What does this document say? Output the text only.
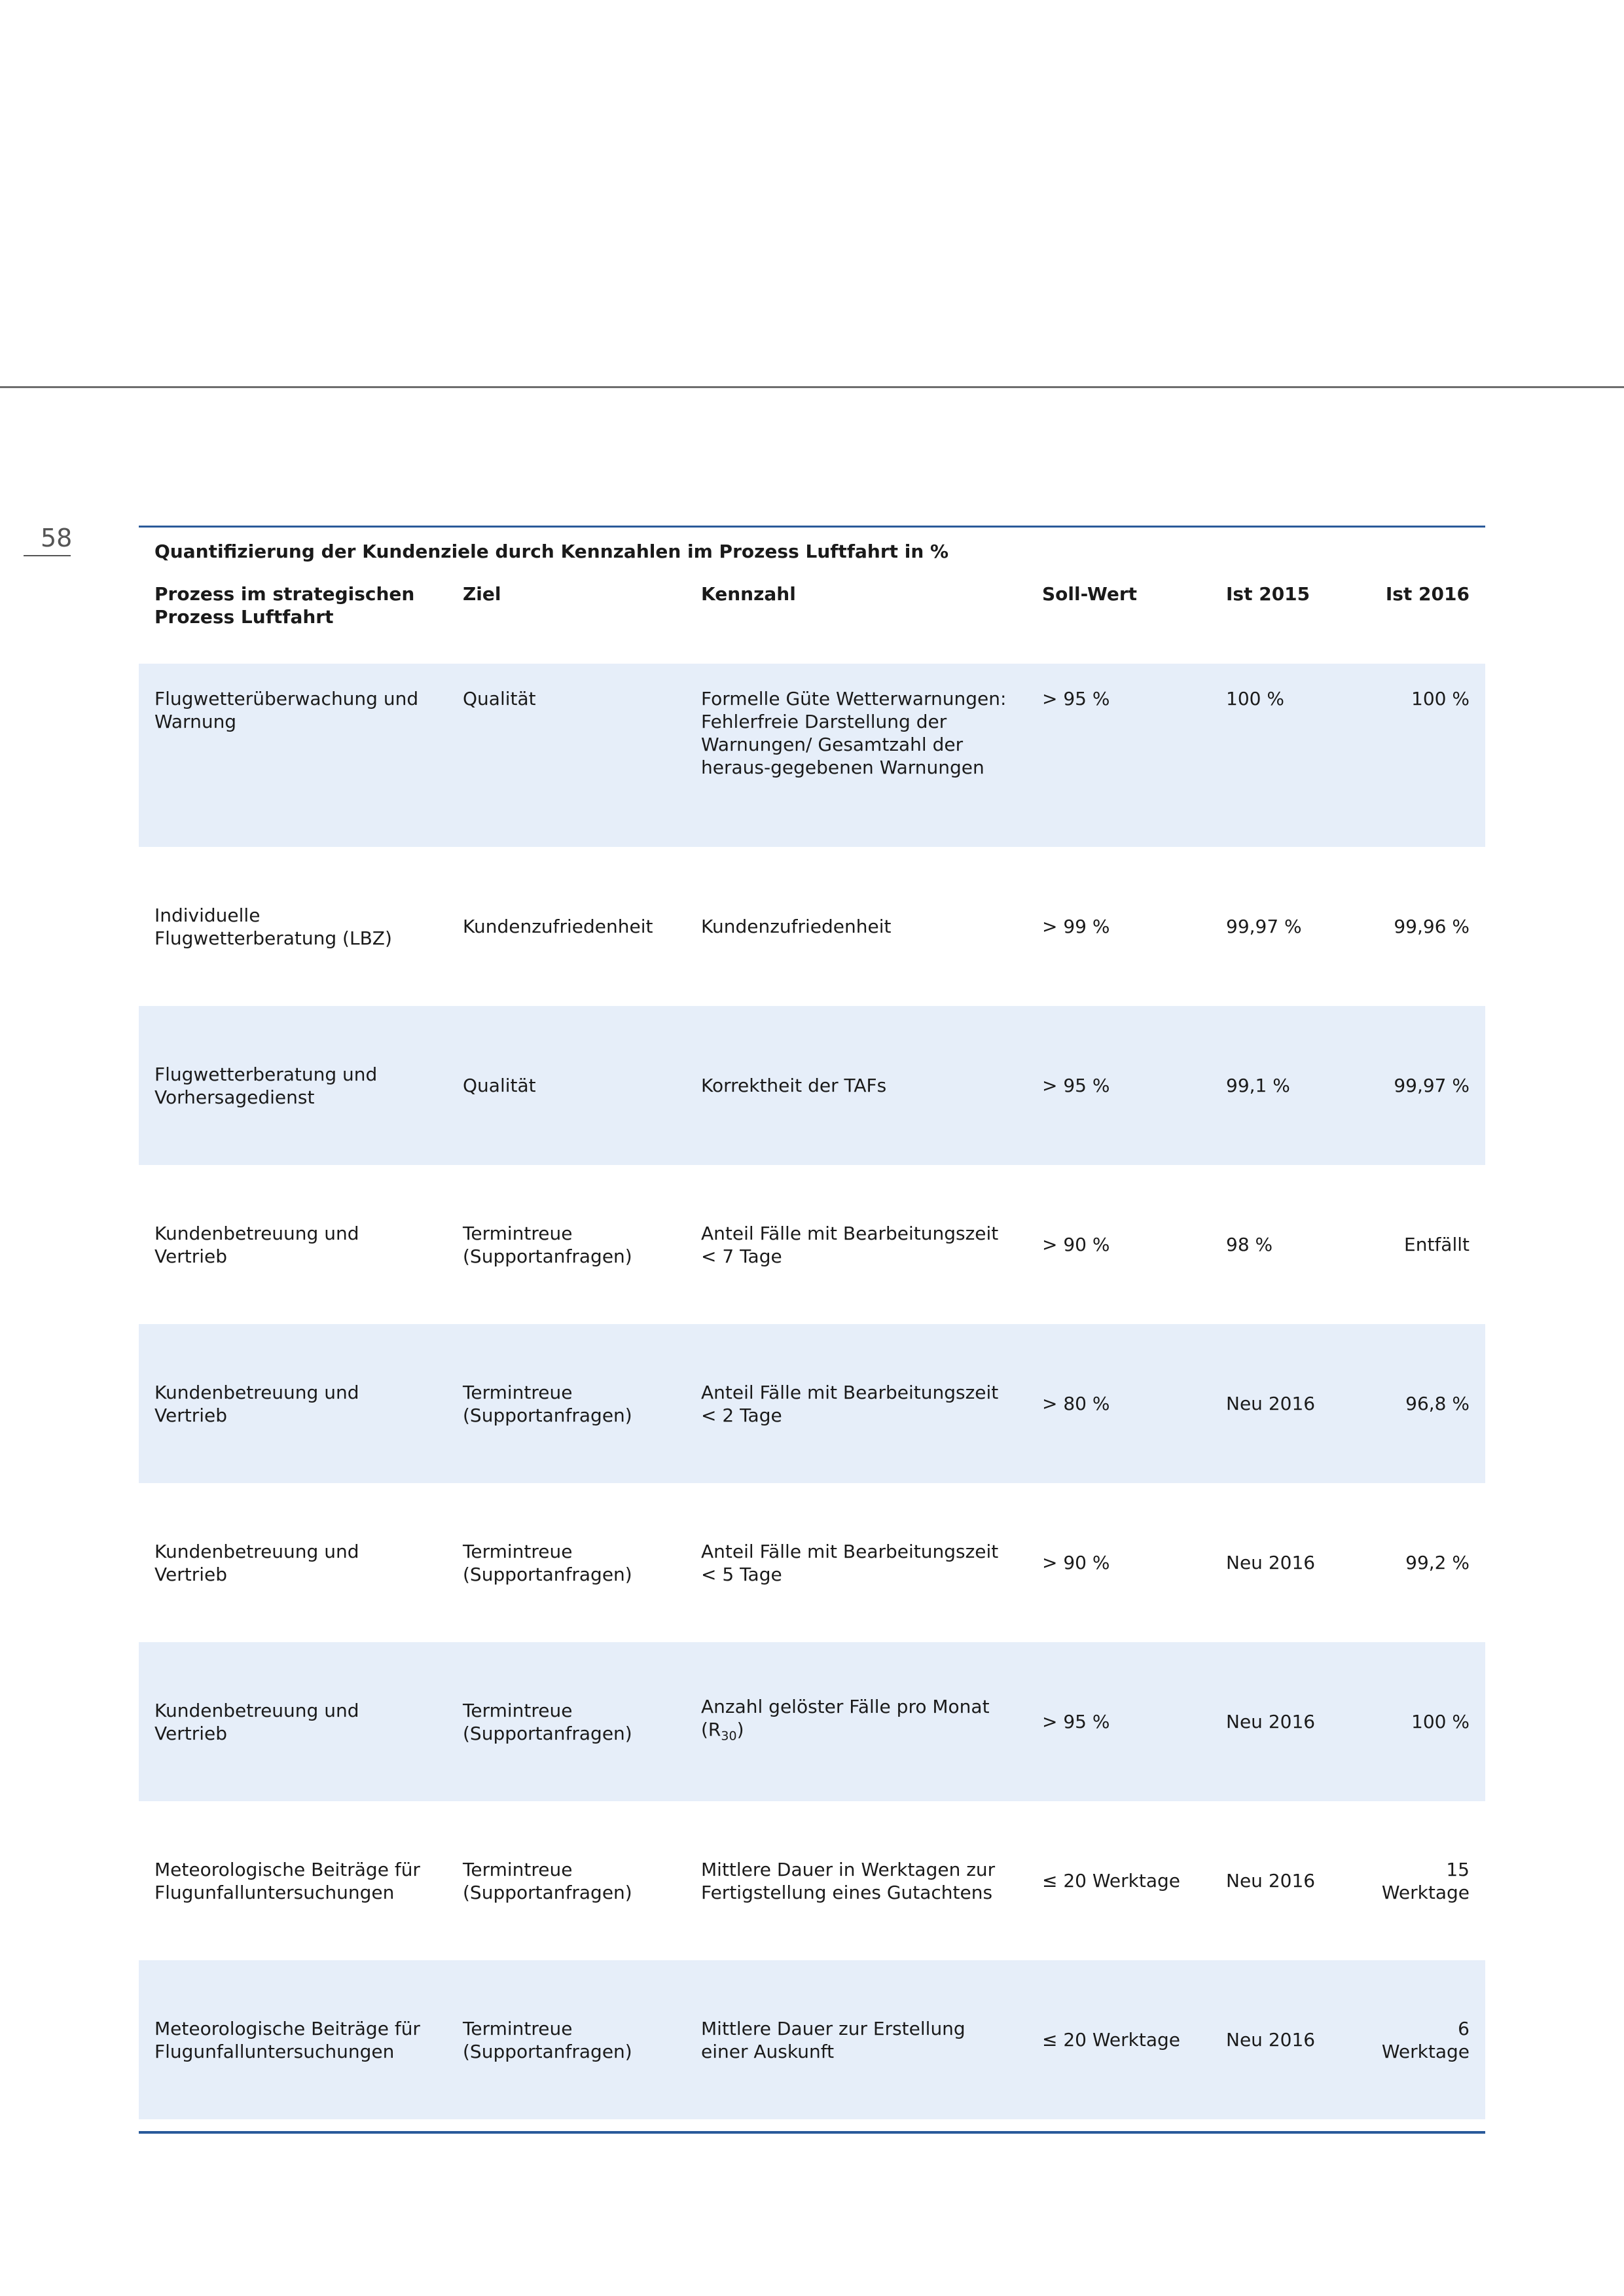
58	Quantifizierung der Kundenziele durch Kennzahlen im Prozess Luftfahrt in %
Prozess im strategischen Prozess Luftfahrt	Ziel	Kennzahl	Soll-Wert	Ist 2015	Ist 2016
Flugwetterüberwachung und Warnung	Qualität	Formelle Güte Wetterwarnungen: Fehlerfreie Darstellung der Warnungen/ Gesamtzahl der heraus-gegebenen Warnungen	> 95 %	100 %	100 %
Individuelle Flugwetterberatung (LBZ)	Kundenzufriedenheit	Kundenzufriedenheit	> 99 %	99,97 %	99,96 %
Flugwetterberatung und Vorhersagedienst	Qualität	Korrektheit der TAFs	> 95 %	99,1 %	99,97 %
Kundenbetreuung und Vertrieb	Termintreue (Supportanfragen)	Anteil Fälle mit Bearbeitungszeit < 7 Tage	> 90 %	98 %	Entfällt
Kundenbetreuung und Vertrieb	Termintreue (Supportanfragen)	Anteil Fälle mit Bearbeitungszeit < 2 Tage	> 80 %	Neu 2016	96,8 %
Kundenbetreuung und Vertrieb	Termintreue (Supportanfragen)	Anteil Fälle mit Bearbeitungszeit < 5 Tage	> 90 %	Neu 2016	99,2 %
Kundenbetreuung und Vertrieb	Termintreue (Supportanfragen)	Anzahl gelöster Fälle pro Monat $(R_{30})$	> 95 %	Neu 2016	100 %
Meteorologische Beiträge für Flugunfalluntersuchungen	Termintreue (Supportanfragen)	Mittlere Dauer in Werktagen zur Fertigstellung eines Gutachtens	≤ 20 Werktage	Neu 2016	15 Werktage
Meteorologische Beiträge für Flugunfalluntersuchungen	Termintreue (Supportanfragen)	Mittlere Dauer zur Erstellung einer Auskunft	≤ 20 Werktage	Neu 2016	6 Werktage
